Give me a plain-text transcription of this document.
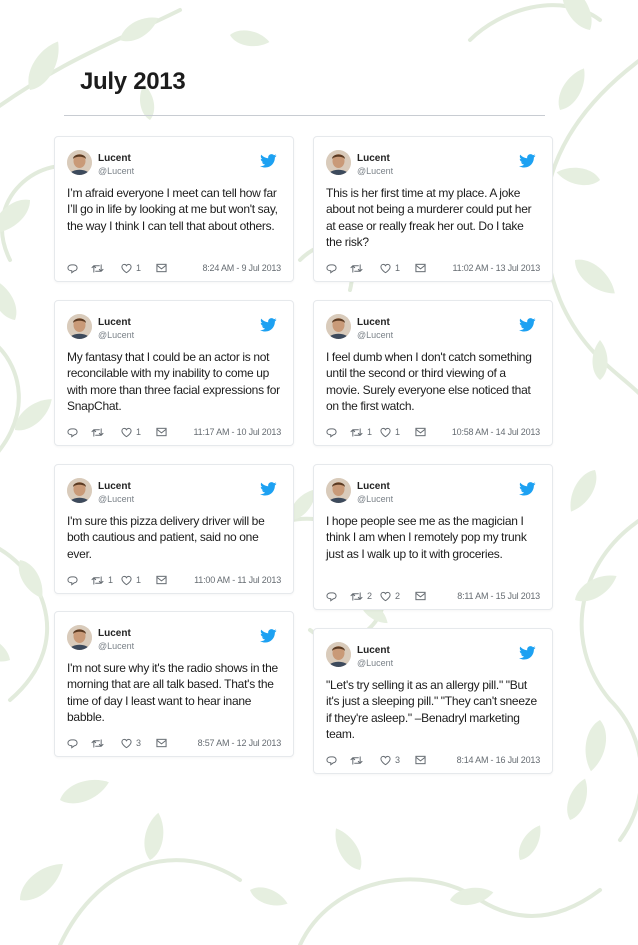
July 2013
Lucent
@Lucent

I’m afraid everyone I meet can tell how far I’ll go in life by looking at me but won't say, the way I think I can tell that about others.

1	8:24 AM - 9 Jul 2013
Lucent
@Lucent

My fantasy that I could be an actor is not reconcilable with my inability to come up with more than three facial expressions for SnapChat.

1	11:17 AM - 10 Jul 2013
Lucent
@Lucent

I'm sure this pizza delivery driver will be both cautious and patient, said no one ever.

1	1	11:00 AM - 11 Jul 2013
Lucent
@Lucent

I'm not sure why it's the radio shows in the morning that are all talk based. That's the time of day I least want to hear inane babble.

3	8:57 AM - 12 Jul 2013
Lucent
@Lucent

This is her first time at my place. A joke about not being a murderer could put her at ease or really freak her out. Do I take the risk?

1	11:02 AM - 13 Jul 2013
Lucent
@Lucent

I feel dumb when I don't catch something until the second or third viewing of a movie. Surely everyone else noticed that on the first watch.

1	1	10:58 AM - 14 Jul 2013
Lucent
@Lucent

I hope people see me as the magician I think I am when I remotely pop my trunk just as I walk up to it with groceries.

2	2	8:11 AM - 15 Jul 2013
Lucent
@Lucent

"Let's try selling it as an allergy pill." "But it's just a sleeping pill." "They can't sneeze if they're asleep." –Benadryl marketing team.

3	8:14 AM - 16 Jul 2013
